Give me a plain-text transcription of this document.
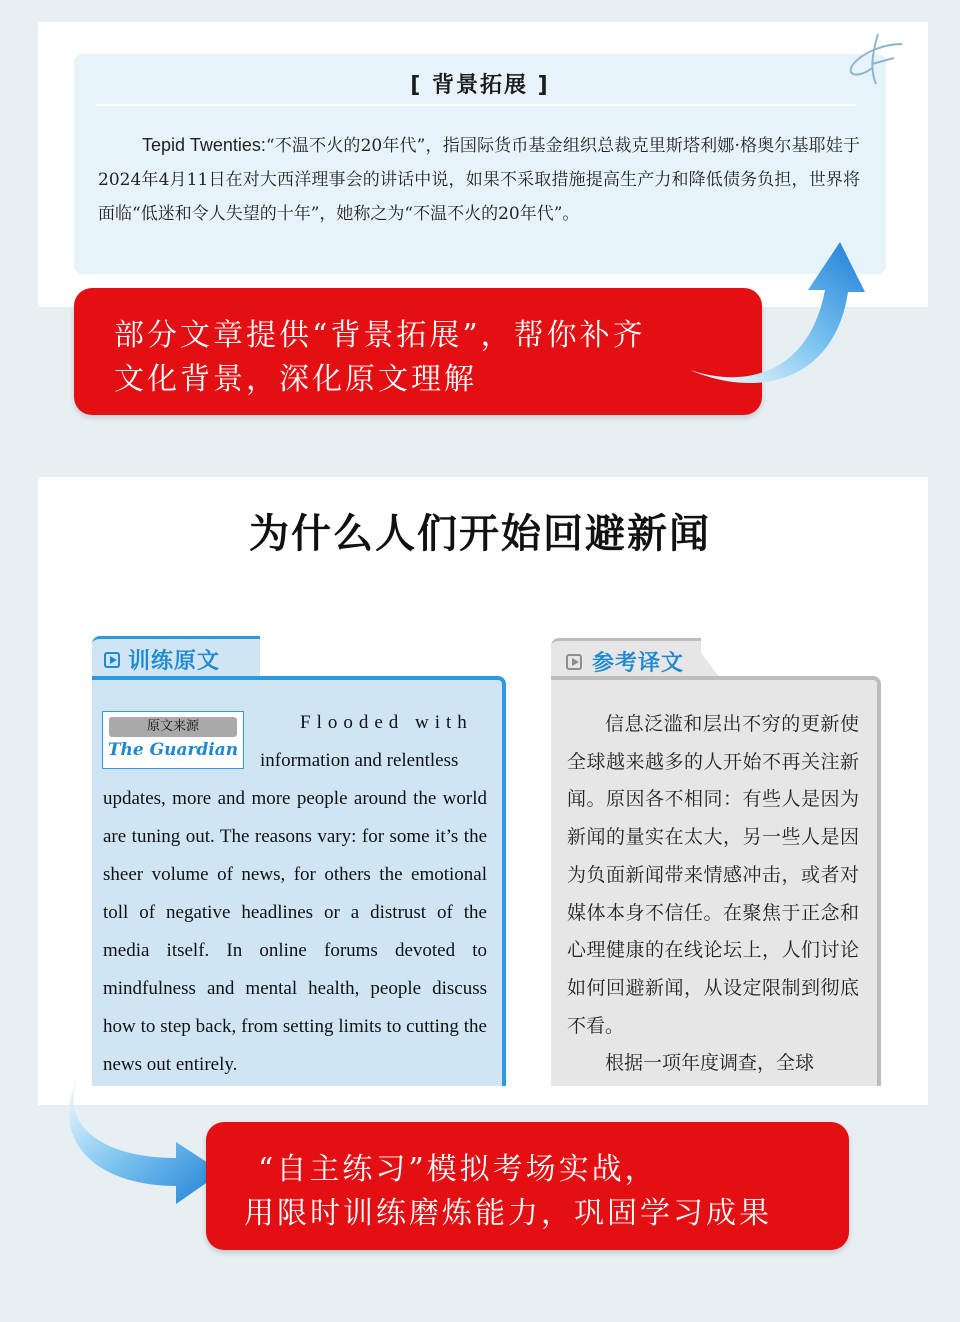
[ 背景拓展 ]
Tepid Twenties:“不温不火的20年代”，指国际货币基金组织总裁克里斯塔利娜·格奥尔基耶娃于2024年4月11日在对大西洋理事会的讲话中说，如果不采取措施提高生产力和降低债务负担，世界将面临“低迷和令人失望的十年”，她称之为“不温不火的20年代”。
部分文章提供“背景拓展”，帮你补齐
文化背景，深化原文理解
为什么人们开始回避新闻
训练原文
原文来源
The Guardian
Flooded with
information and relentless
updates, more and more people around the world are tuning out. The reasons vary: for some it’s the sheer volume of news, for others the emotional toll of negative headlines or a distrust of the media itself. In online forums devoted to mindfulness and mental health, people discuss how to step back, from setting limits to cutting the news out entirely.
参考译文

信息泛滥和层出不穷的更新使全球越来越多的人开始不再关注新闻。原因各不相同：有些人是因为新闻的量实在太大，另一些人是因为负面新闻带来情感冲击，或者对媒体本身不信任。在聚焦于正念和心理健康的在线论坛上，人们讨论如何回避新闻，从设定限制到彻底不看。

根据一项年度调查，全球

“自主练习”模拟考场实战，
用限时训练磨炼能力，巩固学习成果
